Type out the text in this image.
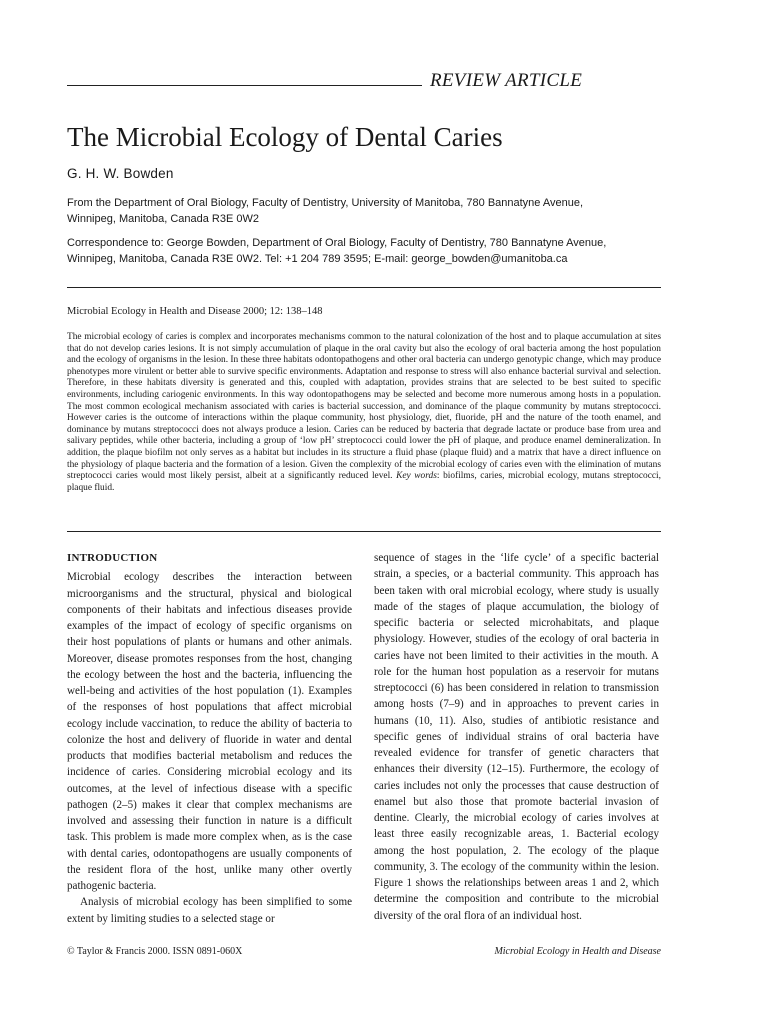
REVIEW ARTICLE
The Microbial Ecology of Dental Caries
G. H. W. Bowden
From the Department of Oral Biology, Faculty of Dentistry, University of Manitoba, 780 Bannatyne Avenue,
Winnipeg, Manitoba, Canada R3E 0W2
Correspondence to: George Bowden, Department of Oral Biology, Faculty of Dentistry, 780 Bannatyne Avenue,
Winnipeg, Manitoba, Canada R3E 0W2. Tel: +1 204 789 3595; E-mail: george_bowden@umanitoba.ca
Microbial Ecology in Health and Disease 2000; 12: 138–148
The microbial ecology of caries is complex and incorporates mechanisms common to the natural colonization of the host and to plaque accumulation at sites that do not develop caries lesions. It is not simply accumulation of plaque in the oral cavity but also the ecology of oral bacteria among the host population and the ecology of organisms in the lesion. In these three habitats odontopathogens and other oral bacteria can undergo genotypic change, which may produce phenotypes more virulent or better able to survive specific environments. Adaptation and response to stress will also enhance bacterial survival and selection. Therefore, in these habitats diversity is generated and this, coupled with adaptation, provides strains that are selected to be best suited to specific environments, including cariogenic environments. In this way odontopathogens may be selected and become more numerous among hosts in a population. The most common ecological mechanism associated with caries is bacterial succession, and dominance of the plaque community by mutans streptococci. However caries is the outcome of interactions within the plaque community, host physiology, diet, fluoride, pH and the nature of the tooth enamel, and dominance by mutans streptococci does not always produce a lesion. Caries can be reduced by bacteria that degrade lactate or produce base from urea and salivary peptides, while other bacteria, including a group of ‘low pH’ streptococci could lower the pH of plaque, and produce enamel demineralization. In addition, the plaque biofilm not only serves as a habitat but includes in its structure a fluid phase (plaque fluid) and a matrix that have a direct influence on the physiology of plaque bacteria and the formation of a lesion. Given the complexity of the microbial ecology of caries even with the elimination of mutans streptococci caries would most likely persist, albeit at a significantly reduced level. Key words: biofilms, caries, microbial ecology, mutans streptococci, plaque fluid.
INTRODUCTION

Microbial ecology describes the interaction between microorganisms and the structural, physical and biological components of their habitats and infectious diseases provide examples of the impact of ecology of specific organisms on their host populations of plants or humans and other animals. Moreover, disease promotes responses from the host, changing the ecology between the host and the bacteria, influencing the well-being and activities of the host population (1). Examples of the responses of host populations that affect microbial ecology include vaccination, to reduce the ability of bacteria to colonize the host and delivery of fluoride in water and dental products that modifies bacterial metabolism and reduces the incidence of caries. Considering microbial ecology and its outcomes, at the level of infectious disease with a specific pathogen (2–5) makes it clear that complex mechanisms are involved and assessing their function in nature is a difficult task. This problem is made more complex when, as is the case with dental caries, odontopathogens are usually components of the resident flora of the host, unlike many other overtly pathogenic bacteria.

Analysis of microbial ecology has been simplified to some extent by limiting studies to a selected stage or

sequence of stages in the ‘life cycle’ of a specific bacterial strain, a species, or a bacterial community. This approach has been taken with oral microbial ecology, where study is usually made of the stages of plaque accumulation, the biology of specific bacteria or selected microhabitats, and plaque physiology. However, studies of the ecology of oral bacteria in caries have not been limited to their activities in the mouth. A role for the human host population as a reservoir for mutans streptococci (6) has been considered in relation to transmission among hosts (7–9) and in approaches to prevent caries in humans (10, 11). Also, studies of antibiotic resistance and specific genes of individual strains of oral bacteria have revealed evidence for transfer of genetic characters that enhances their diversity (12–15). Furthermore, the ecology of caries includes not only the processes that cause destruction of enamel but also those that promote bacterial invasion of dentine. Clearly, the microbial ecology of caries involves at least three easily recognizable areas, 1. Bacterial ecology among the host population, 2. The ecology of the plaque community, 3. The ecology of the community within the lesion. Figure 1 shows the relationships between areas 1 and 2, which determine the composition and contribute to the microbial diversity of the oral flora of an individual host.

© Taylor & Francis 2000. ISSN 0891-060X	Microbial Ecology in Health and Disease
